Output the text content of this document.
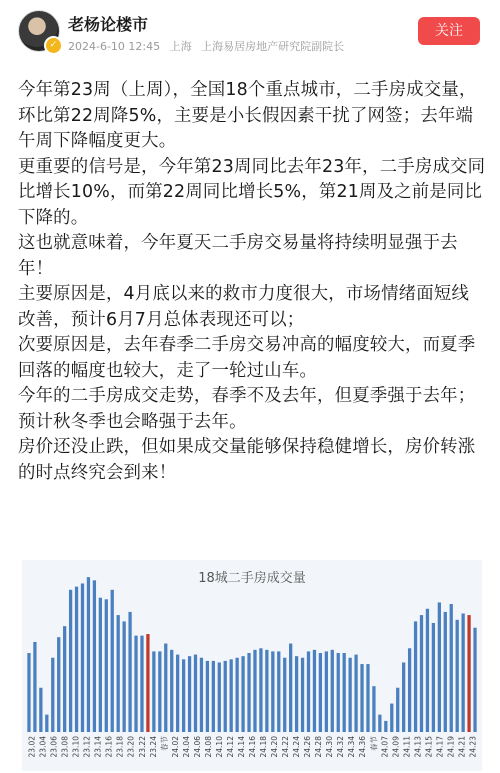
✓
老杨论楼市
2024-6-10 12:45 上海 上海易居房地产研究院副院长
关注

今年第23周（上周），全国18个重点城市，二手房成交量，环比第22周降5%，主要是小长假因素干扰了网签；去年端午周下降幅度更大。

更重要的信号是，今年第23周同比去年23年，二手房成交同比增长10%，而第22周同比增长5%，第21周及之前是同比下降的。

这也就意味着，今年夏天二手房交易量将持续明显强于去年！

主要原因是，4月底以来的救市力度很大，市场情绪面短线改善，预计6月7月总体表现还可以；

次要原因是，去年春季二手房交易冲高的幅度较大，而夏季回落的幅度也较大，走了一轮过山车。

今年的二手房成交走势，春季不及去年，但夏季强于去年；预计秋冬季也会略强于去年。

房价还没止跌，但如果成交量能够保持稳健增长，房价转涨的时点终究会到来！

18城二手房成交量
23.02 23.04 23.06 23.08 23.10 23.12 23.14 23.16 23.18 23.20 23.22 23.24 春节 24.02 24.04 24.06 24.08 24.10 24.12 24.14 24.16 24.18 24.20 24.22 24.24 24.26 24.28 24.30 24.32 24.34 24.36 春节 24.07 24.09 24.11 24.13 24.15 24.17 24.19 24.21 24.23
